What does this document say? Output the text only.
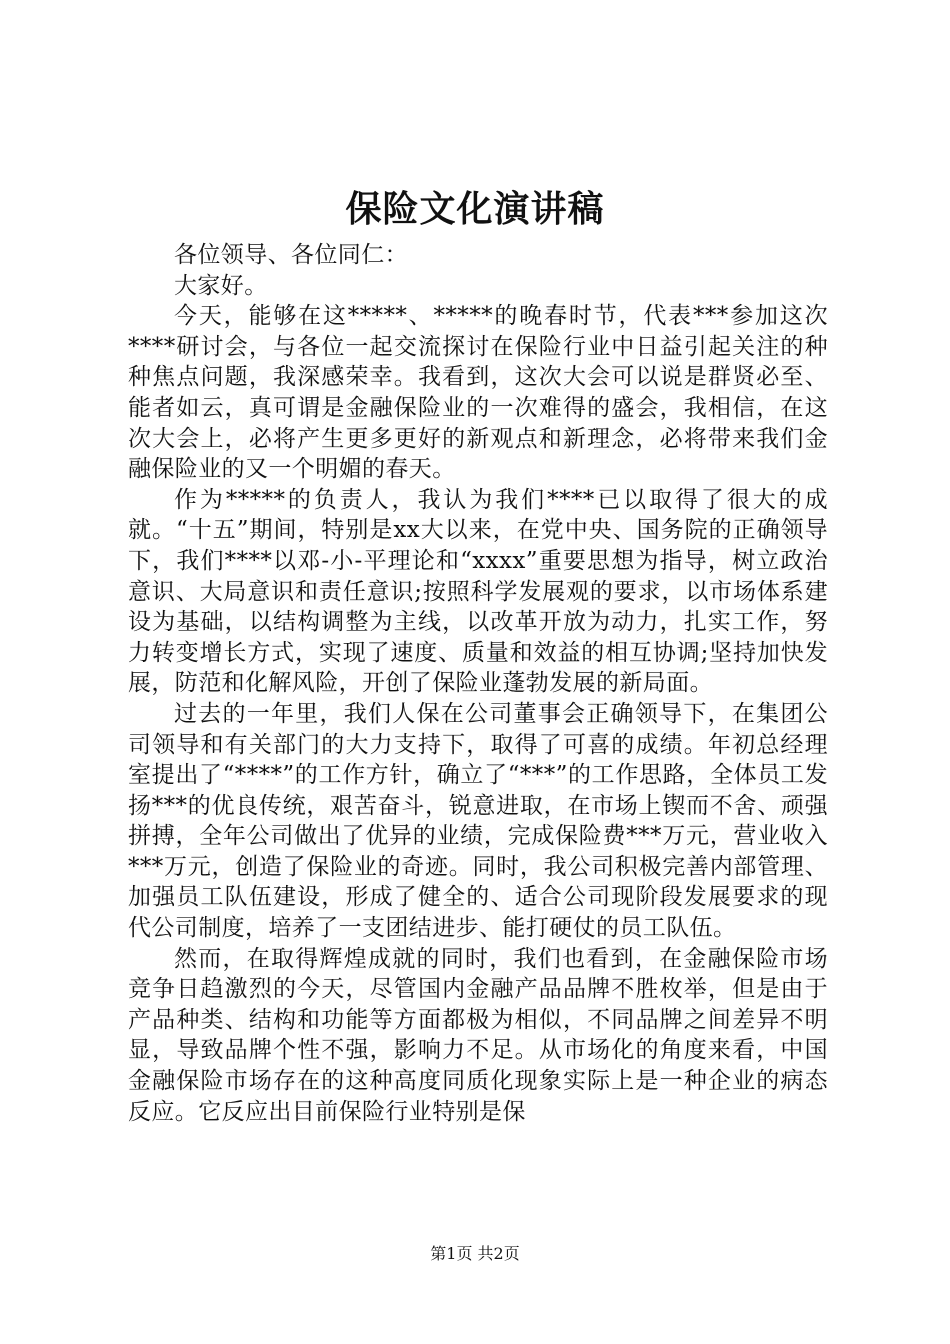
保险文化演讲稿

各位领导、各位同仁：

大家好。

今天，能够在这*****、*****的晚春时节，代表***参加这次****研讨会，与各位一起交流探讨在保险行业中日益引起关注的种种焦点问题，我深感荣幸。我看到，这次大会可以说是群贤必至、能者如云，真可谓是金融保险业的一次难得的盛会，我相信，在这次大会上，必将产生更多更好的新观点和新理念，必将带来我们金融保险业的又一个明媚的春天。

作为*****的负责人，我认为我们****已以取得了很大的成就。“十五”期间，特别是xx大以来，在党中央、国务院的正确领导下，我们****以邓-小-平理论和“xxxx”重要思想为指导，树立政治意识、大局意识和责任意识;按照科学发展观的要求，以市场体系建设为基础，以结构调整为主线，以改革开放为动力，扎实工作，努力转变增长方式，实现了速度、质量和效益的相互协调;坚持加快发展，防范和化解风险，开创了保险业蓬勃发展的新局面。

过去的一年里，我们人保在公司董事会正确领导下，在集团公司领导和有关部门的大力支持下，取得了可喜的成绩。年初总经理室提出了“****”的工作方针，确立了“***”的工作思路，全体员工发扬***的优良传统，艰苦奋斗，锐意进取，在市场上锲而不舍、顽强拼搏，全年公司做出了优异的业绩，完成保险费***万元，营业收入***万元，创造了保险业的奇迹。同时，我公司积极完善内部管理、加强员工队伍建设，形成了健全的、适合公司现阶段发展要求的现代公司制度，培养了一支团结进步、能打硬仗的员工队伍。

然而，在取得辉煌成就的同时，我们也看到，在金融保险市场竞争日趋激烈的今天，尽管国内金融产品品牌不胜枚举，但是由于产品种类、结构和功能等方面都极为相似，不同品牌之间差异不明显，导致品牌个性不强，影响力不足。从市场化的角度来看，中国金融保险市场存在的这种高度同质化现象实际上是一种企业的病态反应。它反应出目前保险行业特别是保

第1页 共2页
